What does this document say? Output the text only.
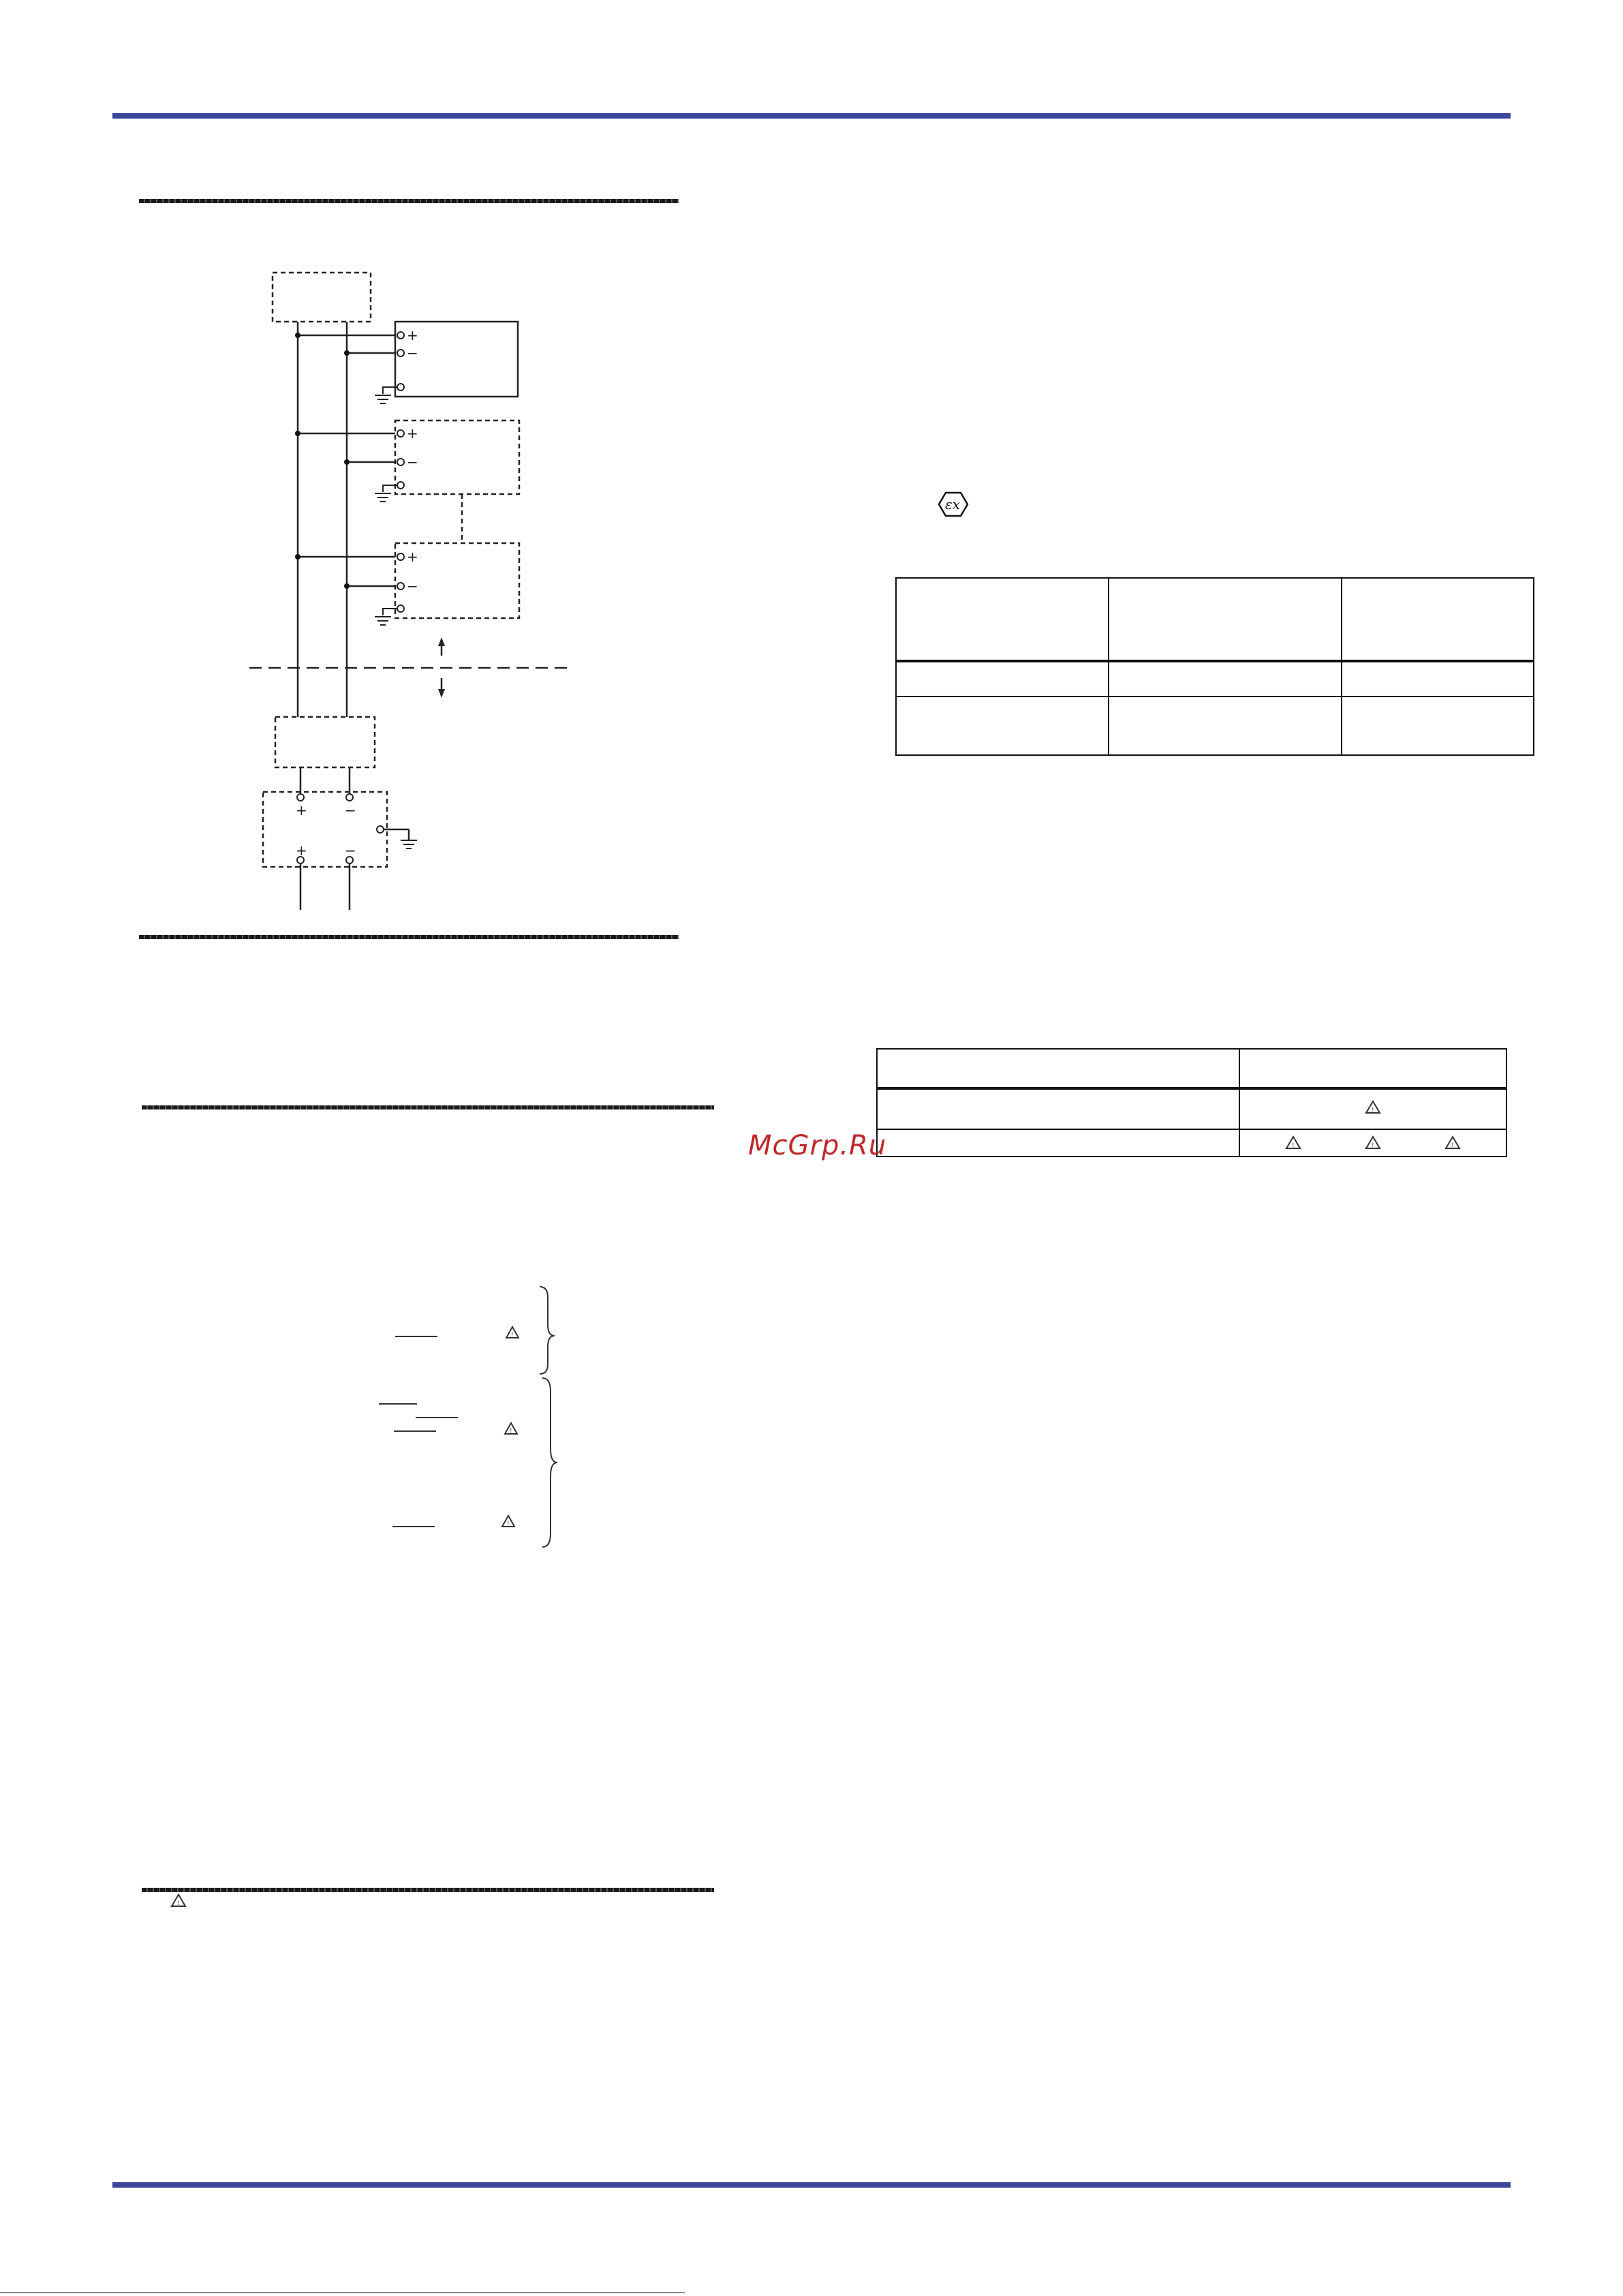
+
−
+
−
+
−
+	−
+	−
!
!
!
!
εx

!

! ! !
McGrp.Ru
